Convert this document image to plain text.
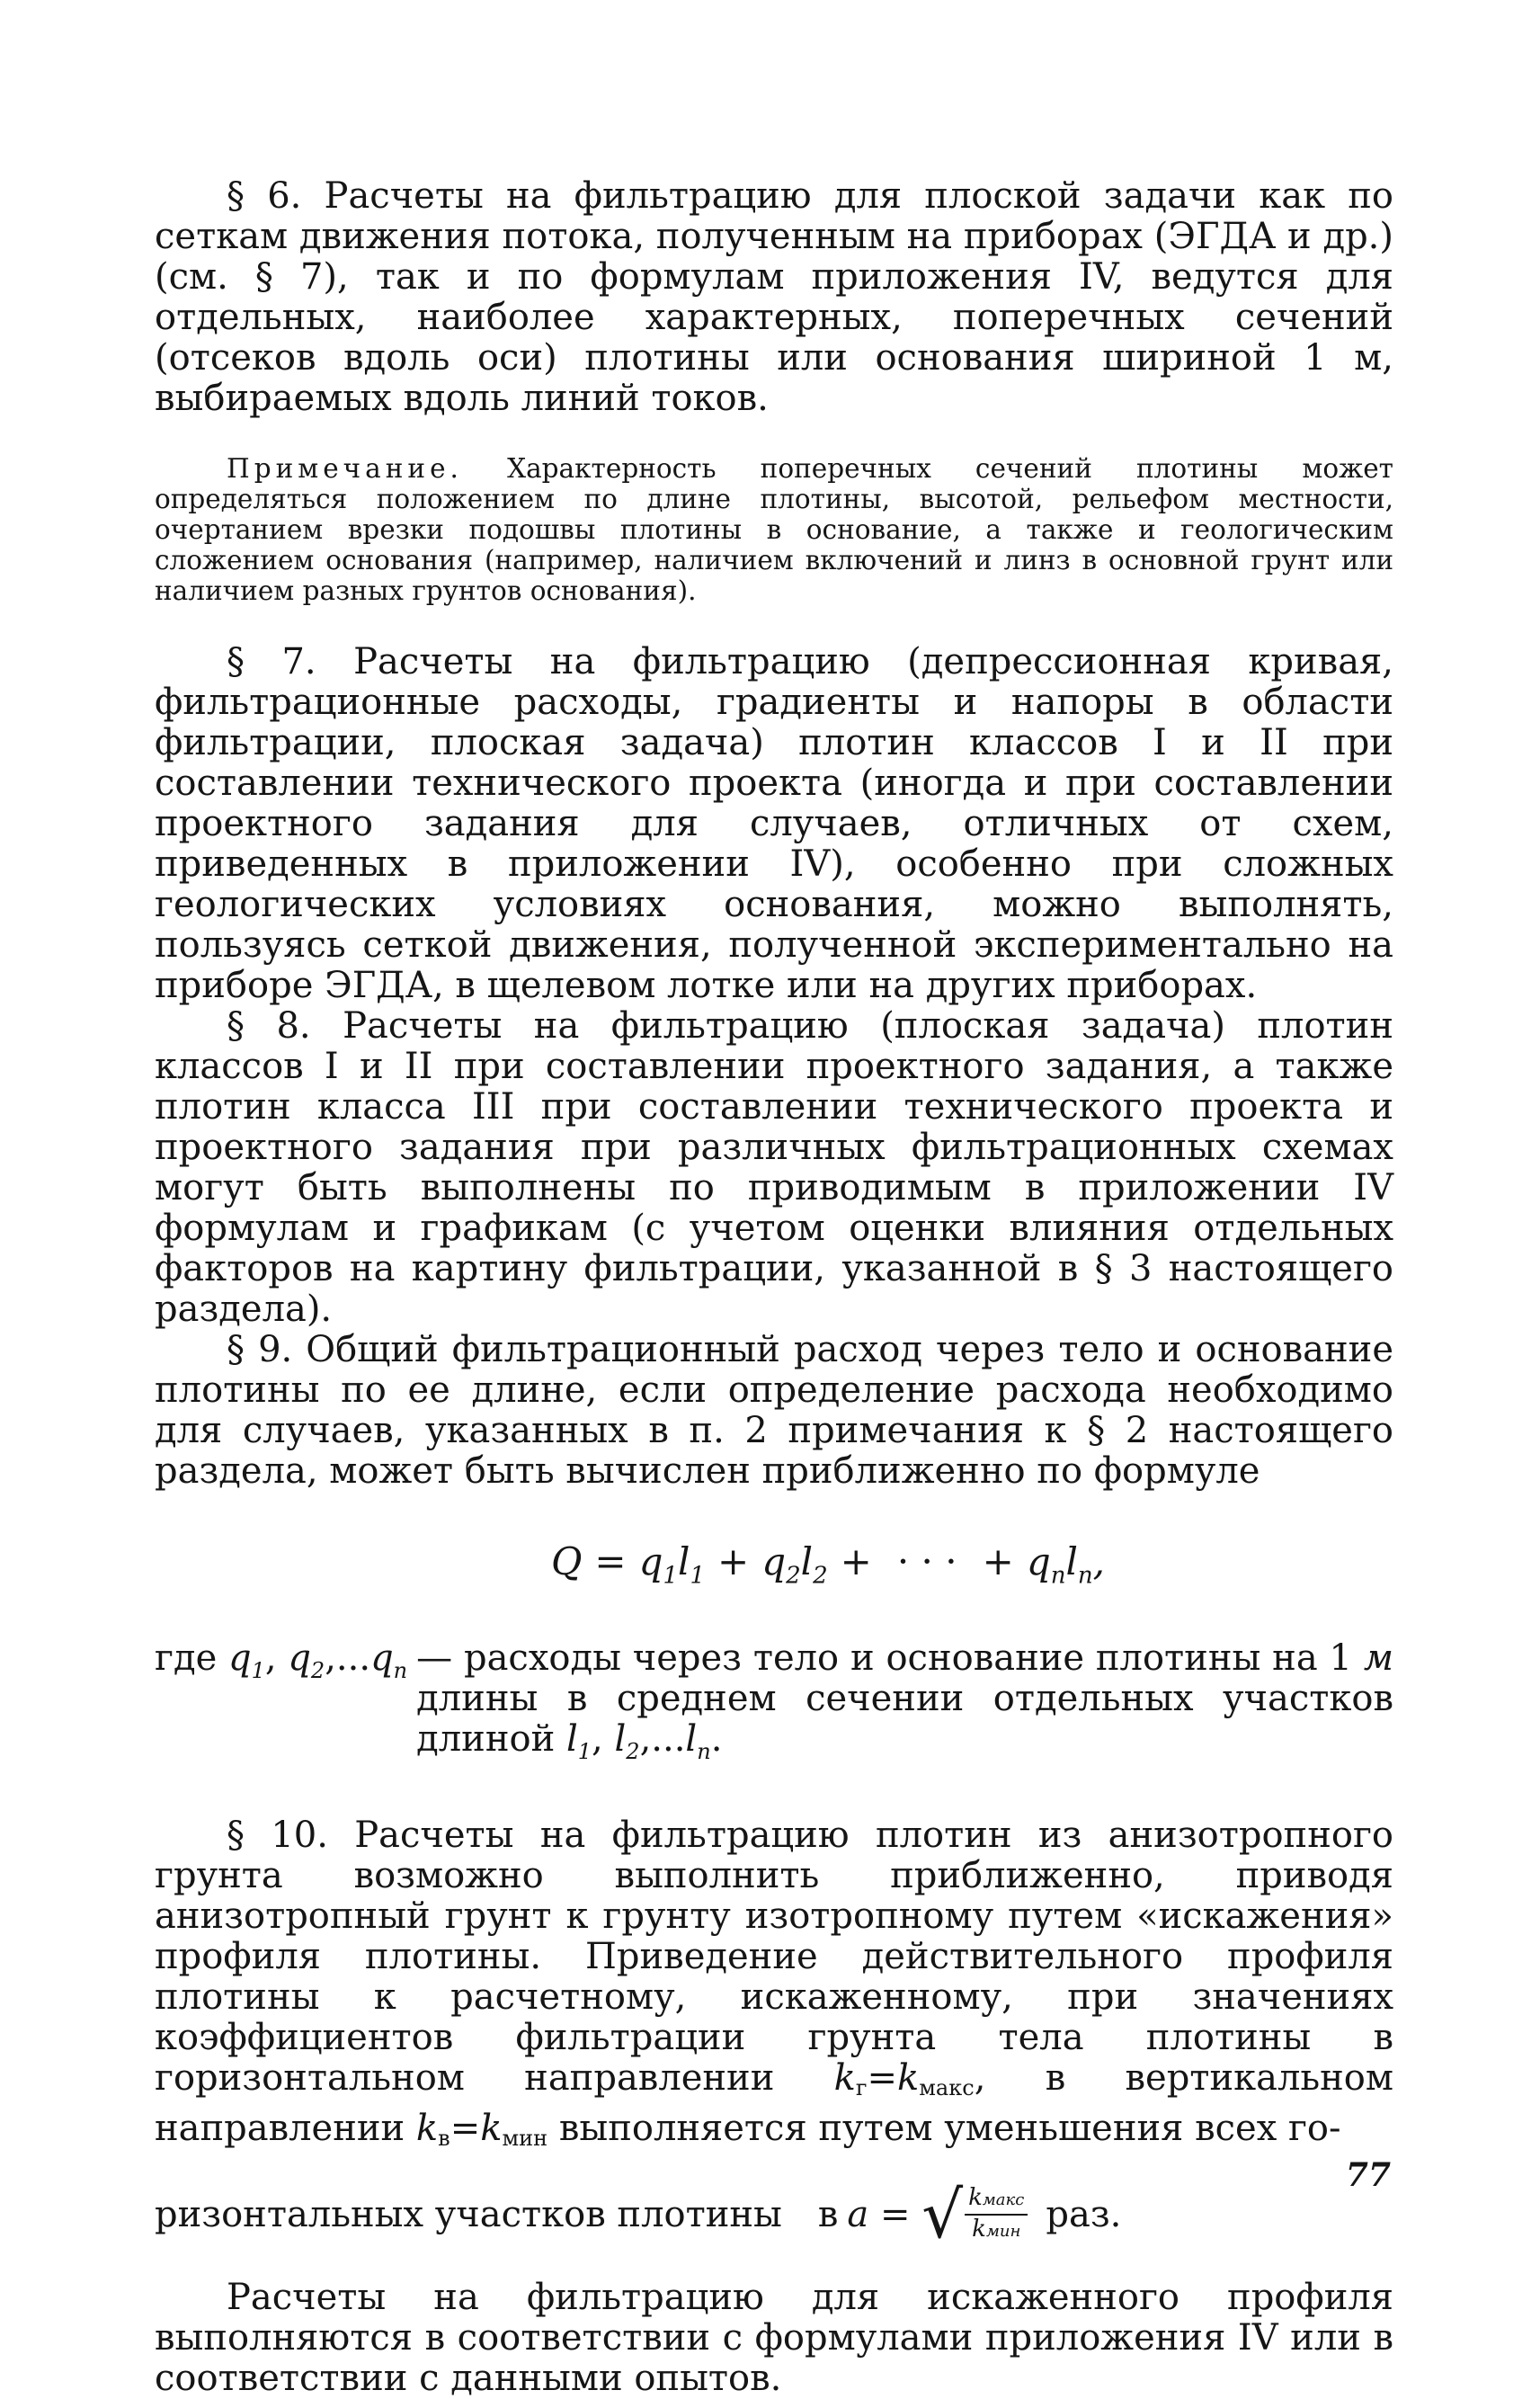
§ 6. Расчеты на фильтрацию для плоской задачи как по сеткам движения потока, полученным на приборах (ЭГДА и др.) (см. § 7), так и по формулам приложения IV, ведутся для отдельных, наиболее характерных, поперечных сечений (отсеков вдоль оси) плотины или основания шириной 1 м, выбираемых вдоль линий токов.

Примечание. Характерность поперечных сечений плотины может определяться положением по длине плотины, высотой, рельефом местности, очертанием врезки подошвы плотины в основание, а также и геологическим сложением основания (например, наличием включений и линз в основной грунт или наличием разных грунтов основания).

§ 7. Расчеты на фильтрацию (депрессионная кривая, фильтрационные расходы, градиенты и напоры в области фильтрации, плоская задача) плотин классов I и II при составлении технического проекта (иногда и при составлении проектного задания для случаев, отличных от схем, приведенных в приложении IV), особенно при сложных геологических условиях основания, можно выполнять, пользуясь сеткой движения, полученной экспериментально на приборе ЭГДА, в щелевом лотке или на других приборах.

§ 8. Расчеты на фильтрацию (плоская задача) плотин классов I и II при составлении проектного задания, а также плотин класса III при составлении технического проекта и проектного задания при различных фильтрационных схемах могут быть выполнены по приводимым в приложении IV формулам и графикам (с учетом оценки влияния отдельных факторов на картину фильтрации, указанной в § 3 настоящего раздела).

§ 9. Общий фильтрационный расход через тело и основание плотины по ее длине, если определение расхода необходимо для случаев, указанных в п. 2 примечания к § 2 настоящего раздела, может быть вычислен приближенно по формуле

$Q = q_1l_1 + q_2l_2$ + · · · + $q_nl_n$,
где $q_1$, $q_2,...q_n$ — расходы через тело и основание плотины на 1 м длины в среднем сечении отдельных участков длиной $l_1$, $l_2,...l_n$.

§ 10. Расчеты на фильтрацию плотин из анизотропного грунта возможно выполнить приближенно, приводя анизотропный грунт к грунту изотропному путем «искажения» профиля плотины. Приведение действительного профиля плотины к расчетному, искаженному, при значениях коэффициентов фильтрации грунта тела плотины в горизонтальном направлении kг=kмакс, в вертикальном направлении kв=kмин выполняется путем уменьшения всех го-

ризонтальных участков плотины в a = √ $\frac{\text{kмакс}}{\text{kмин}}$ раз.

Расчеты на фильтрацию для искаженного профиля выполняются в соответствии с формулами приложения IV или в соответствии с данными опытов.

77
